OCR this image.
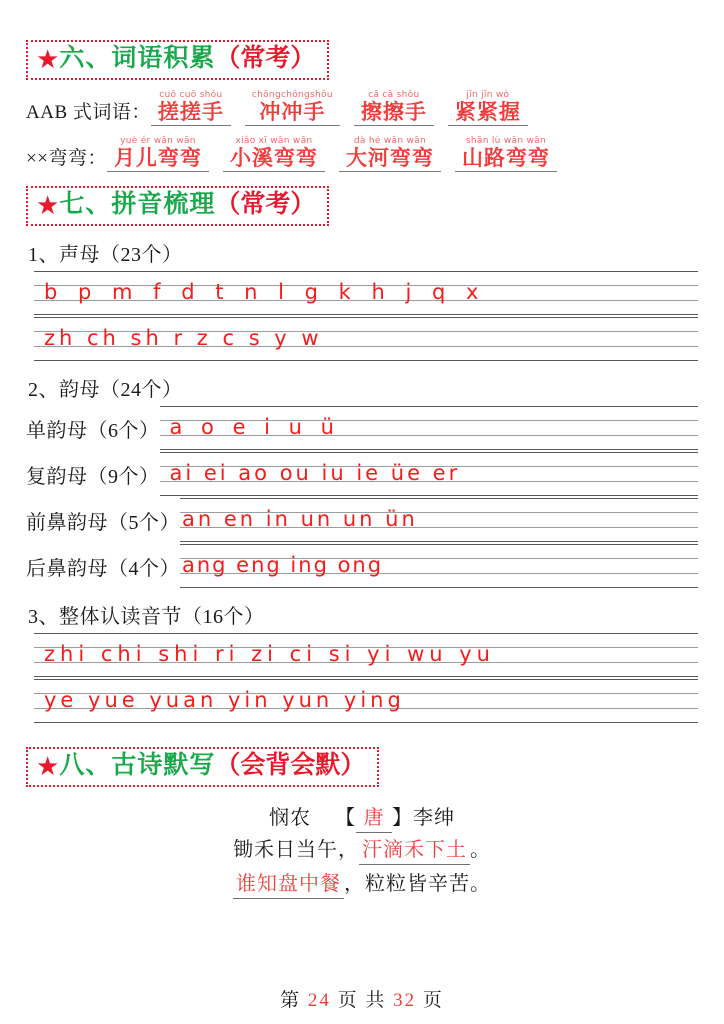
★六、词语积累（常考）
AAB 式词语：
cuō cuō shǒu
搓搓手
chōngchōngshǒu
冲冲手
cā cā shǒu
擦擦手
jǐn jǐn wò
紧紧握
××弯弯：
yuè ér wān wān
月儿弯弯
xiǎo xī wān wān
小溪弯弯
dà hé wān wān
大河弯弯
shān lù wān wān
山路弯弯
★七、拼音梳理（常考）
1、声母（23个）
b p m f d t n l g k h j q x
zh ch sh r z c s y w
2、韵母（24个）
单韵母（6个） a o e i u ü
复韵母（9个） ai ei ao ou iu ie üe er
前鼻韵母（5个） an en in un un ün
后鼻韵母（4个） ang eng ing ong
3、整体认读音节（16个）
zhi chi shi ri zi ci si yi wu yu
ye yue yuan yin yun ying
★八、古诗默写（会背会默）
悯农 【 唐 】李绅
锄禾日当午， 汗滴禾下土 。
谁知盘中餐 ，粒粒皆辛苦。
第 24 页 共 32 页
